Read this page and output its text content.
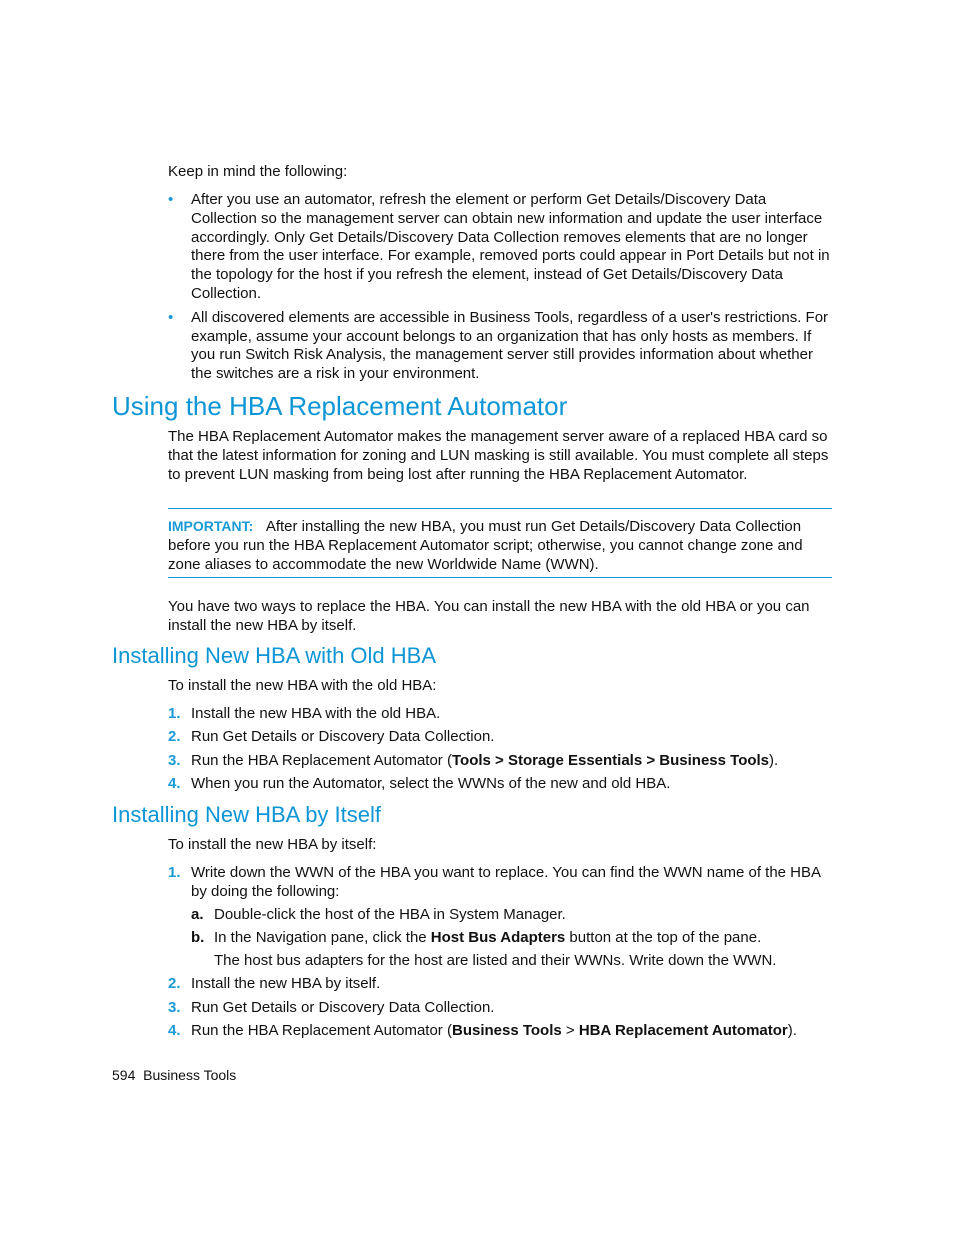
Keep in mind the following:

• After you use an automator, refresh the element or perform Get Details/Discovery Data Collection so the management server can obtain new information and update the user interface accordingly. Only Get Details/Discovery Data Collection removes elements that are no longer there from the user interface. For example, removed ports could appear in Port Details but not in the topology for the host if you refresh the element, instead of Get Details/Discovery Data Collection.
• All discovered elements are accessible in Business Tools, regardless of a user's restrictions. For example, assume your account belongs to an organization that has only hosts as members. If you run Switch Risk Analysis, the management server still provides information about whether the switches are a risk in your environment.
Using the HBA Replacement Automator

The HBA Replacement Automator makes the management server aware of a replaced HBA card so that the latest information for zoning and LUN masking is still available. You must complete all steps to prevent LUN masking from being lost after running the HBA Replacement Automator.

IMPORTANT: After installing the new HBA, you must run Get Details/Discovery Data Collection before you run the HBA Replacement Automator script; otherwise, you cannot change zone and zone aliases to accommodate the new Worldwide Name (WWN).

You have two ways to replace the HBA. You can install the new HBA with the old HBA or you can install the new HBA by itself.

Installing New HBA with Old HBA

To install the new HBA with the old HBA:

1. Install the new HBA with the old HBA.
2. Run Get Details or Discovery Data Collection.
3. Run the HBA Replacement Automator (Tools > Storage Essentials > Business Tools).
4. When you run the Automator, select the WWNs of the new and old HBA.
Installing New HBA by Itself

To install the new HBA by itself:

1. Write down the WWN of the HBA you want to replace. You can find the WWN name of the HBA by doing the following:
a. Double-click the host of the HBA in System Manager.
b. In the Navigation pane, click the Host Bus Adapters button at the top of the pane.
The host bus adapters for the host are listed and their WWNs. Write down the WWN.
2. Install the new HBA by itself.
3. Run Get Details or Discovery Data Collection.
4. Run the HBA Replacement Automator (Business Tools > HBA Replacement Automator).

594 Business Tools
